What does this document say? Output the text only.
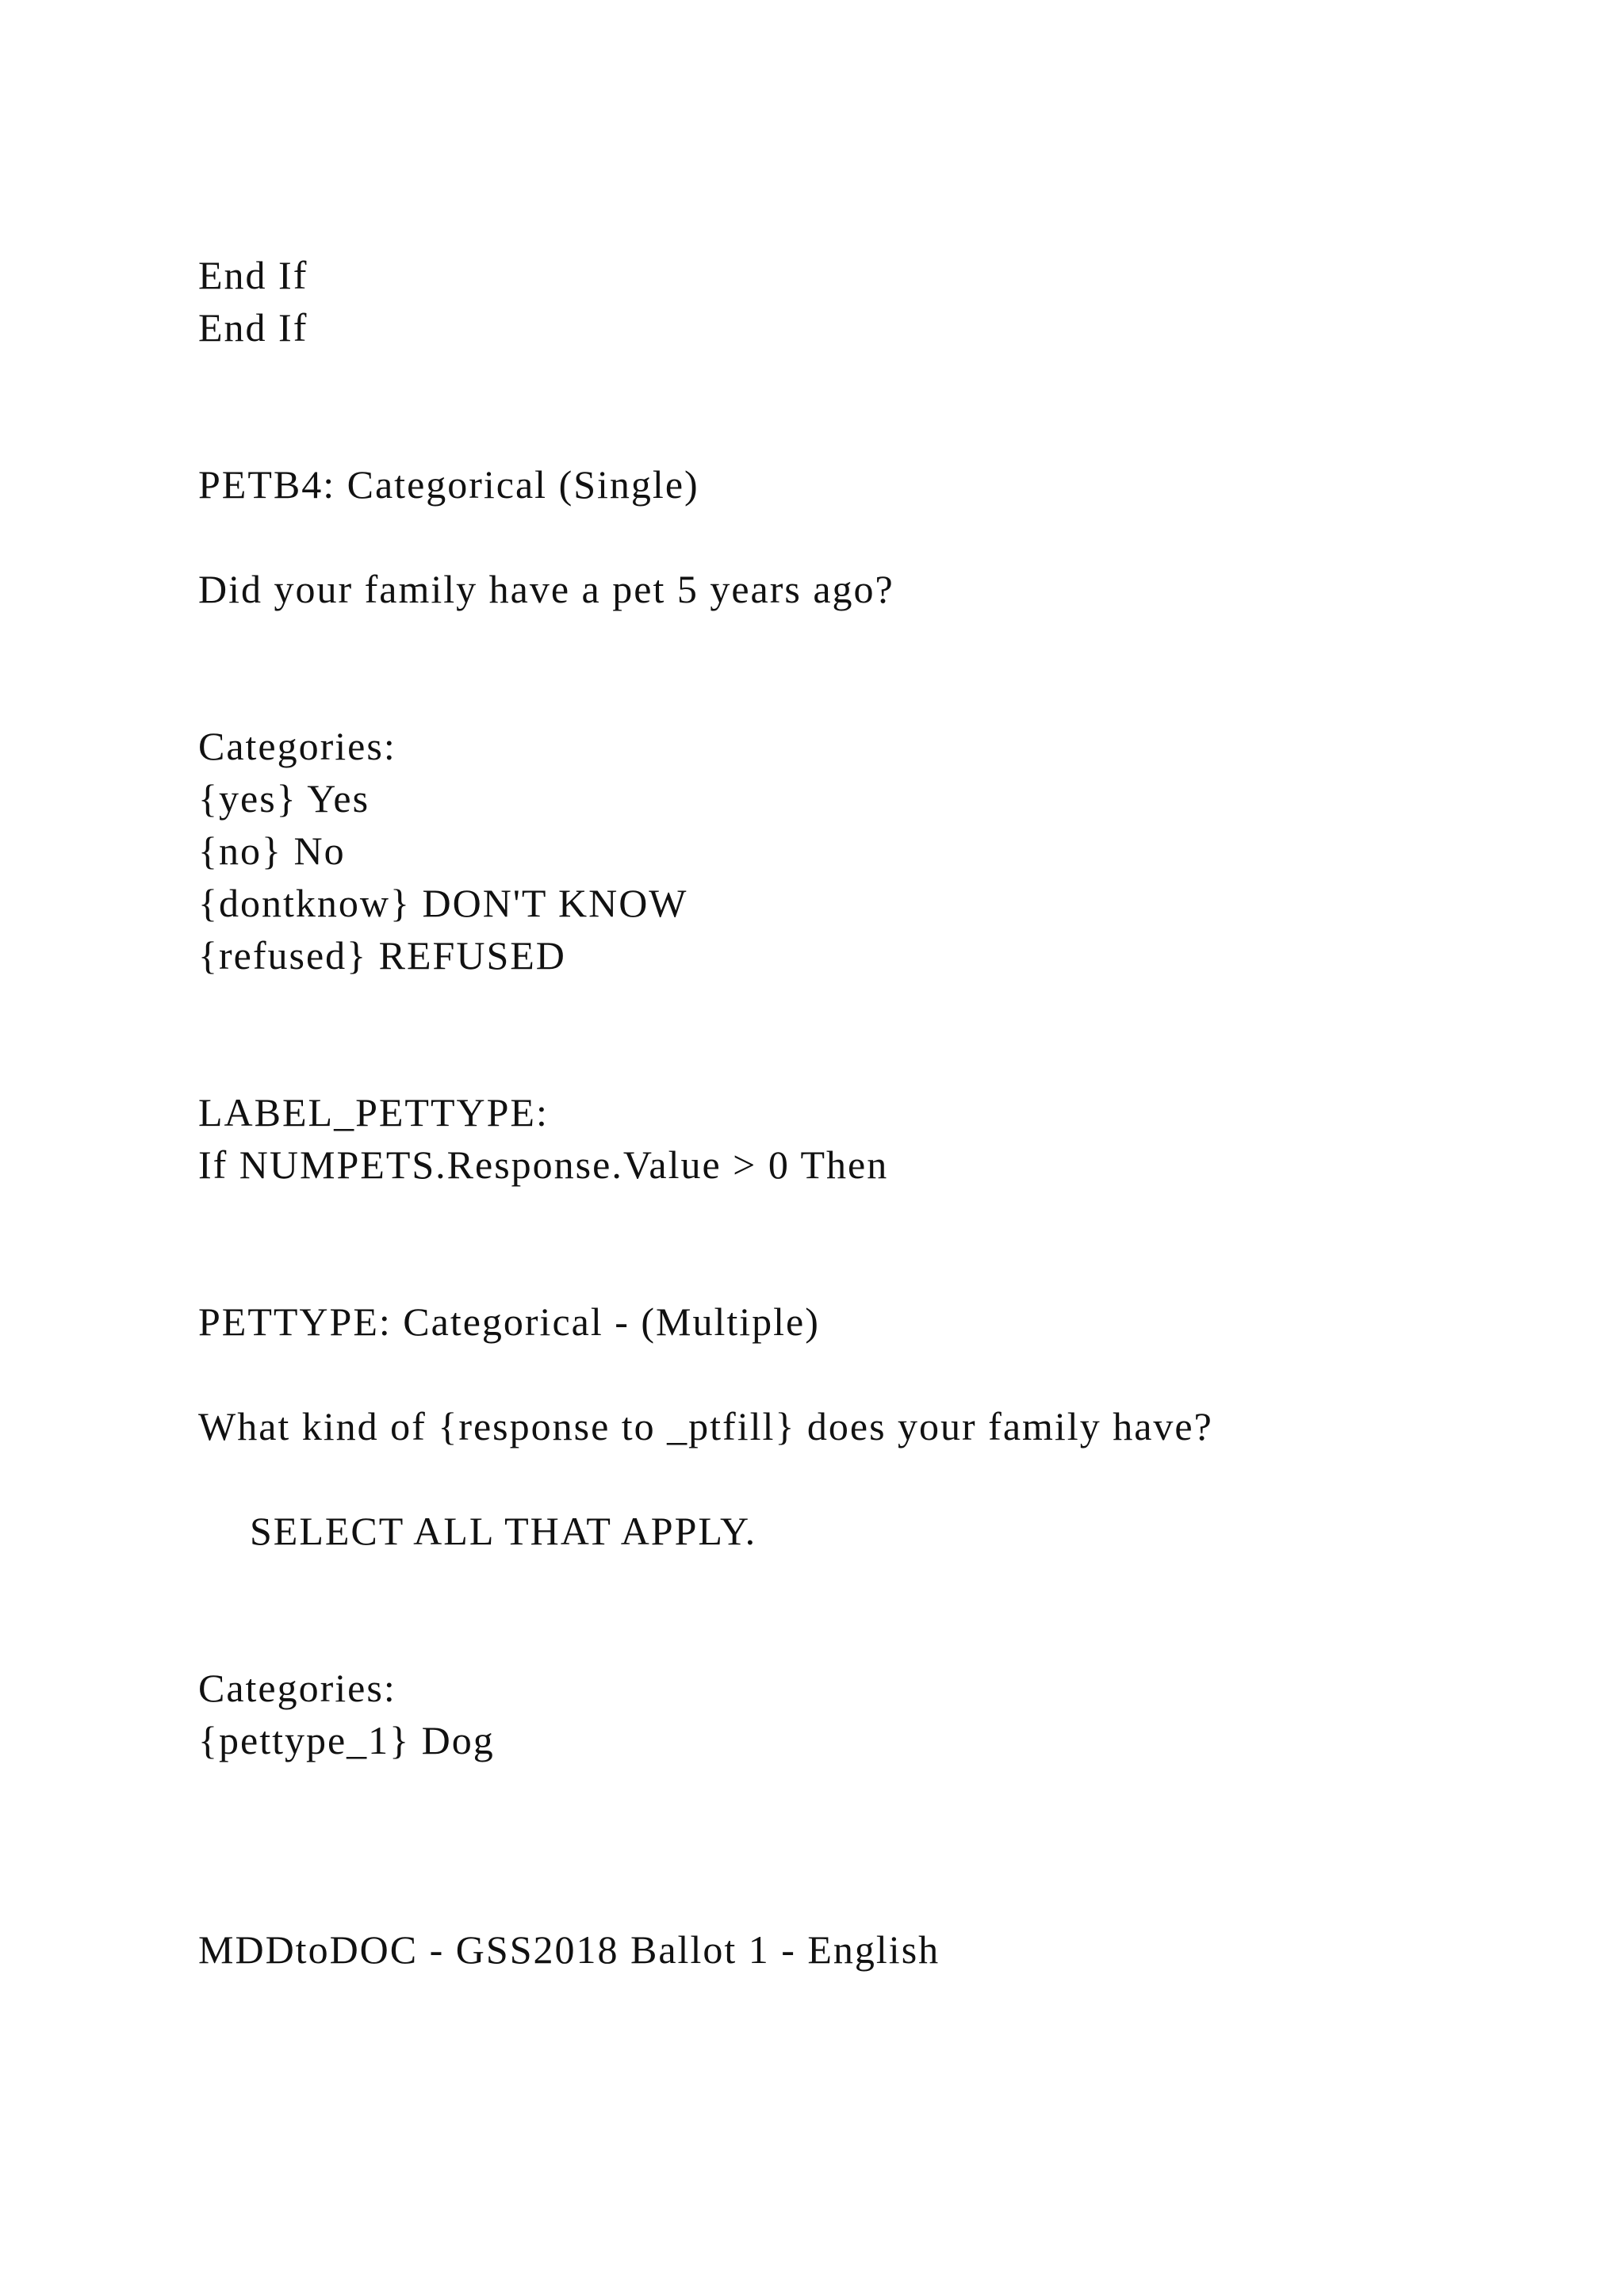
End If
End If
PETB4: Categorical (Single)
Did your family have a pet 5 years ago?
Categories:
{yes} Yes
{no} No
{dontknow} DON'T KNOW
{refused} REFUSED
LABEL_PETTYPE:
If NUMPETS.Response.Value > 0 Then
PETTYPE: Categorical - (Multiple)
What kind of {response to _ptfill} does your family have?
SELECT ALL THAT APPLY.
Categories:
{pettype_1} Dog
MDDtoDOC - GSS2018 Ballot 1 - English
